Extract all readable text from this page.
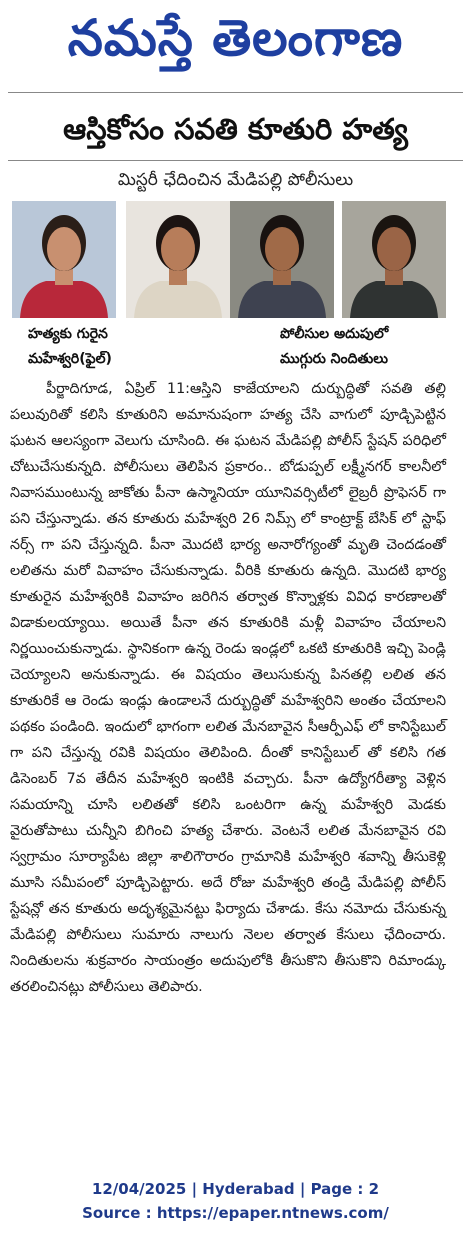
నమస్తే తెలంగాణ
ఆస్తికోసం సవతి కూతురి హత్య
మిస్టరీ ఛేదించిన మేడిపల్లి పోలీసులు
హత్యకు గురైన
మహేశ్వరి(ఫైల్)
పోలీసుల అదుపులో
ముగ్గురు నిందితులు

పీర్జాదిగూడ, ఏప్రిల్ 11:ఆస్తిని కాజేయాలని దుర్బుద్ధితో సవతి తల్లి పలువురితో కలిసి కూతురిని అమానుషంగా హత్య చేసి వాగులో పూడ్చిపెట్టిన ఘటన ఆలస్యంగా వెలుగు చూసింది. ఈ ఘటన మేడిపల్లి పోలీస్ స్టేషన్ పరిధిలో చోటుచేసుకున్నది. పోలీసులు తెలిపిన ప్రకారం.. బోడుప్పల్ లక్ష్మీనగర్ కాలనీలో నివాసముంటున్న జాకోతు పీనా ఉస్మానియా యూనివర్సిటీలో లైబ్రరీ ప్రొఫెసర్ గా పని చేస్తున్నాడు. తన కూతురు మహేశ్వరి 26 నిమ్స్ లో కాంట్రాక్ట్ బేసిక్ లో స్టాఫ్ నర్స్ గా పని చేస్తున్నది. పీనా మొదటి భార్య అనారోగ్యంతో మృతి చెందడంతో లలితను మరో వివాహం చేసుకున్నాడు. వీరికి కూతురు ఉన్నది. మొదటి భార్య కూతురైన మహేశ్వరికి వివాహం జరిగిన తర్వాత కొన్నాళ్లకు వివిధ కారణాలతో విడాకులయ్యాయి. అయితే పీనా తన కూతురికి మళ్లీ వివాహం చేయాలని నిర్ణయించుకున్నాడు. స్థానికంగా ఉన్న రెండు ఇండ్లలో ఒకటి కూతురికి ఇచ్చి పెండ్లి చెయ్యాలని అనుకున్నాడు. ఈ విషయం తెలుసుకున్న పినతల్లి లలిత తన కూతురికే ఆ రెండు ఇండ్లు ఉండాలనే దుర్బుద్ధితో మహేశ్వరిని అంతం చేయాలని పథకం పండింది. ఇందులో భాగంగా లలిత మేనబావైన సీఆర్పీఎఫ్ లో కానిస్టేబుల్ గా పని చేస్తున్న రవికి విషయం తెలిపింది. దీంతో కానిస్టేబుల్ తో కలిసి గత డిసెంబర్ 7వ తేదీన మహేశ్వరి ఇంటికి వచ్చారు. పీనా ఉద్యోగరీత్యా వెళ్లిన సమయాన్ని చూసి లలితతో కలిసి ఒంటరిగా ఉన్న మహేశ్వరి మెడకు వైరుతోపాటు చున్నీని బిగించి హత్య చేశారు. వెంటనే లలిత మేనబావైన రవి స్వగ్రామం సూర్యాపేట జిల్లా శాలిగౌరారం గ్రామానికి మహేశ్వరి శవాన్ని తీసుకెళ్లి మూసి సమీపంలో పూడ్చిపెట్టారు. అదే రోజు మహేశ్వరి తండ్రి మేడిపల్లి పోలీస్ స్టేషన్లో తన కూతురు అదృశ్యమైనట్టు ఫిర్యాదు చేశాడు. కేసు నమోదు చేసుకున్న మేడిపల్లి పోలీసులు సుమారు నాలుగు నెలల తర్వాత కేసులు ఛేదించారు. నిందితులను శుక్రవారం సాయంత్రం అదుపులోకి తీసుకొని తీసుకొని రిమాండ్కు తరలించినట్లు పోలీసులు తెలిపారు.

12/04/2025 | Hyderabad | Page : 2
Source : https://epaper.ntnews.com/
